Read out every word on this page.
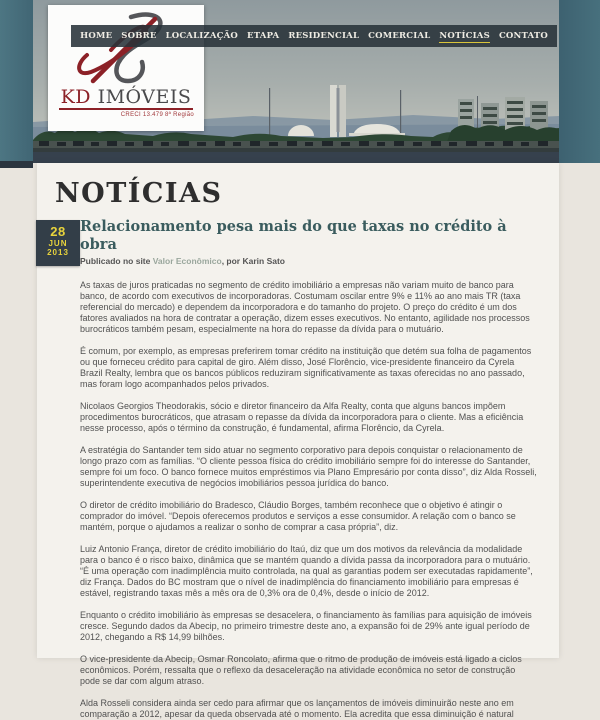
KD IMÓVEIS
CRECI 13.479 8ª Região
HOME SOBRE LOCALIZAÇÃO ETAPA RESIDENCIAL COMERCIAL NOTÍCIAS CONTATO
NOTÍCIAS
28
JUN
2013
Relacionamento pesa mais do que taxas no crédito à obra

Publicado no site Valor Econômico, por Karin Sato

As taxas de juros praticadas no segmento de crédito imobiliário a empresas não variam muito de banco para banco, de acordo com executivos de incorporadoras. Costumam oscilar entre 9% e 11% ao ano mais TR (taxa referencial do mercado) e dependem da incorporadora e do tamanho do projeto. O preço do crédito é um dos fatores avaliados na hora de contratar a operação, dizem esses executivos. No entanto, agilidade nos processos burocráticos também pesam, especialmente na hora do repasse da dívida para o mutuário.

É comum, por exemplo, as empresas preferirem tomar crédito na instituição que detém sua folha de pagamentos ou que forneceu crédito para capital de giro. Além disso, José Florêncio, vice-presidente financeiro da Cyrela Brazil Realty, lembra que os bancos públicos reduziram significativamente as taxas oferecidas no ano passado, mas foram logo acompanhados pelos privados.

Nicolaos Georgios Theodorakis, sócio e diretor financeiro da Alfa Realty, conta que alguns bancos impõem procedimentos burocráticos, que atrasam o repasse da dívida da incorporadora para o cliente. Mas a eficiência nesse processo, após o término da construção, é fundamental, afirma Florêncio, da Cyrela.

A estratégia do Santander tem sido atuar no segmento corporativo para depois conquistar o relacionamento de longo prazo com as famílias. “O cliente pessoa física do crédito imobiliário sempre foi do interesse do Santander, sempre foi um foco. O banco fornece muitos empréstimos via Plano Empresário por conta disso”, diz Alda Rosseli, superintendente executiva de negócios imobiliários pessoa jurídica do banco.

O diretor de crédito imobiliário do Bradesco, Cláudio Borges, também reconhece que o objetivo é atingir o comprador do imóvel. “Depois oferecemos produtos e serviços a esse consumidor. A relação com o banco se mantém, porque o ajudamos a realizar o sonho de comprar a casa própria”, diz.

Luiz Antonio França, diretor de crédito imobiliário do Itaú, diz que um dos motivos da relevância da modalidade para o banco é o risco baixo, dinâmica que se mantém quando a dívida passa da incorporadora para o mutuário. “É uma operação com inadimplência muito controlada, na qual as garantias podem ser executadas rapidamente”, diz França. Dados do BC mostram que o nível de inadimplência do financiamento imobiliário para empresas é estável, registrando taxas mês a mês ora de 0,3% ora de 0,4%, desde o início de 2012.

Enquanto o crédito imobiliário às empresas se desacelera, o financiamento às famílias para aquisição de imóveis cresce. Segundo dados da Abecip, no primeiro trimestre deste ano, a expansão foi de 29% ante igual período de 2012, chegando a R$ 14,99 bilhões.

O vice-presidente da Abecip, Osmar Roncolato, afirma que o ritmo de produção de imóveis está ligado a ciclos econômicos. Porém, ressalta que o reflexo da desaceleração na atividade econômica no setor de construção pode se dar com algum atraso.

Alda Rosseli considera ainda ser cedo para afirmar que os lançamentos de imóveis diminuirão neste ano em comparação a 2012, apesar da queda observada até o momento. Ela acredita que essa diminuição é natural
